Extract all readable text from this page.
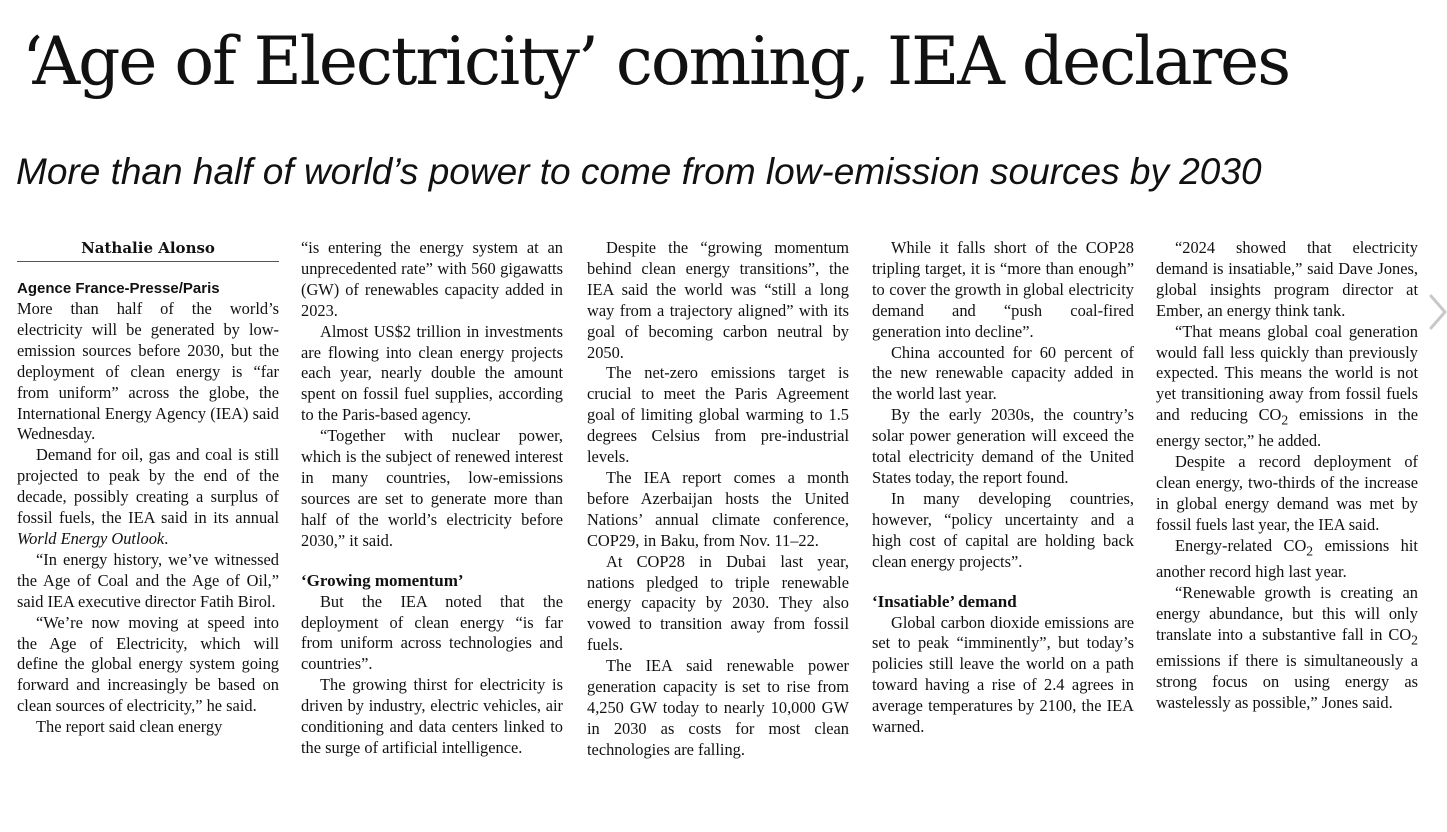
‘Age of Electricity’ coming, IEA declares
More than half of world’s power to come from low-emission sources by 2030
Nathalie Alonso
Agence France-Presse/Paris

More than half of the world’s electricity will be generated by low-emission sources before 2030, but the deployment of clean energy is “far from uniform” across the globe, the International Energy Agency (IEA) said Wednesday.

Demand for oil, gas and coal is still projected to peak by the end of the decade, possibly creating a surplus of fossil fuels, the IEA said in its annual World Energy Outlook.

“In energy history, we’ve witnessed the Age of Coal and the Age of Oil,” said IEA executive director Fatih Birol.

“We’re now moving at speed into the Age of Electricity, which will define the global energy system going forward and increasingly be based on clean sources of electricity,” he said.

The report said clean energy

“is entering the energy system at an unprecedented rate” with 560 gigawatts (GW) of renewables capacity added in 2023.

Almost US$2 trillion in investments are flowing into clean energy projects each year, nearly double the amount spent on fossil fuel supplies, according to the Paris-based agency.

“Together with nuclear power, which is the subject of renewed interest in many countries, low-emissions sources are set to generate more than half of the world’s electricity before 2030,” it said.

‘Growing momentum’

But the IEA noted that the deployment of clean energy “is far from uniform across technologies and countries”.

The growing thirst for electricity is driven by industry, electric vehicles, air conditioning and data centers linked to the surge of artificial intelligence.

Despite the “growing momentum behind clean energy transitions”, the IEA said the world was “still a long way from a trajectory aligned” with its goal of becoming carbon neutral by 2050.

The net-zero emissions target is crucial to meet the Paris Agreement goal of limiting global warming to 1.5 degrees Celsius from pre-industrial levels.

The IEA report comes a month before Azerbaijan hosts the United Nations’ annual climate conference, COP29, in Baku, from Nov. 11–22.

At COP28 in Dubai last year, nations pledged to triple renewable energy capacity by 2030. They also vowed to transition away from fossil fuels.

The IEA said renewable power generation capacity is set to rise from 4,250 GW today to nearly 10,000 GW in 2030 as costs for most clean technologies are falling.

While it falls short of the COP28 tripling target, it is “more than enough” to cover the growth in global electricity demand and “push coal-fired generation into decline”.

China accounted for 60 percent of the new renewable capacity added in the world last year.

By the early 2030s, the country’s solar power generation will exceed the total electricity demand of the United States today, the report found.

In many developing countries, however, “policy uncertainty and a high cost of capital are holding back clean energy projects”.

‘Insatiable’ demand

Global carbon dioxide emissions are set to peak “imminently”, but today’s policies still leave the world on a path toward having a rise of 2.4 agrees in average temperatures by 2100, the IEA warned.

“2024 showed that electricity demand is insatiable,” said Dave Jones, global insights program director at Ember, an energy think tank.

“That means global coal generation would fall less quickly than previously expected. This means the world is not yet transitioning away from fossil fuels and reducing $CO_2$ emissions in the energy sector,” he added.

Despite a record deployment of clean energy, two-thirds of the increase in global energy demand was met by fossil fuels last year, the IEA said.

Energy-related $CO_2$ emissions hit another record high last year.

“Renewable growth is creating an energy abundance, but this will only translate into a substantive fall in $CO_2$ emissions if there is simultaneously a strong focus on using energy as wastelessly as possible,” Jones said.
